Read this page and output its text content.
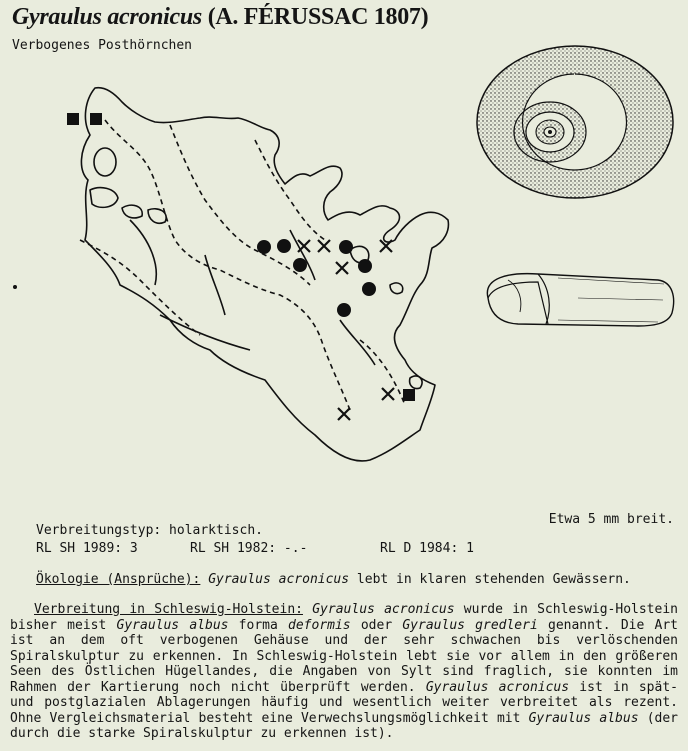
Gyraulus acronicus (A. FÉRUSSAC 1807)
Verbogenes Posthörnchen
Etwa 5 mm breit.
Verbreitungstyp: holarktisch.
RL SH 1989: 3	RL SH 1982: -.-	RL D 1984: 1
Ökologie (Ansprüche): Gyraulus acronicus lebt in klaren stehenden Gewässern.
Verbreitung in Schleswig-Holstein: Gyraulus acronicus wurde in Schleswig-Holstein bisher meist Gyraulus albus forma deformis oder Gyraulus gredleri genannt. Die Art ist an dem oft verbogenen Gehäuse und der sehr schwachen bis verlöschenden Spiralskulptur zu erkennen. In Schleswig-Holstein lebt sie vor allem in den größeren Seen des Östlichen Hügellandes, die Angaben von Sylt sind fraglich, sie konnten im Rahmen der Kartierung noch nicht überprüft werden. Gyraulus acronicus ist in spät- und postglazialen Ablagerungen häufig und wesentlich weiter verbreitet als rezent. Ohne Vergleichsmaterial besteht eine Verwechslungsmöglichkeit mit Gyraulus albus (der durch die starke Spiralskulptur zu erkennen ist).
